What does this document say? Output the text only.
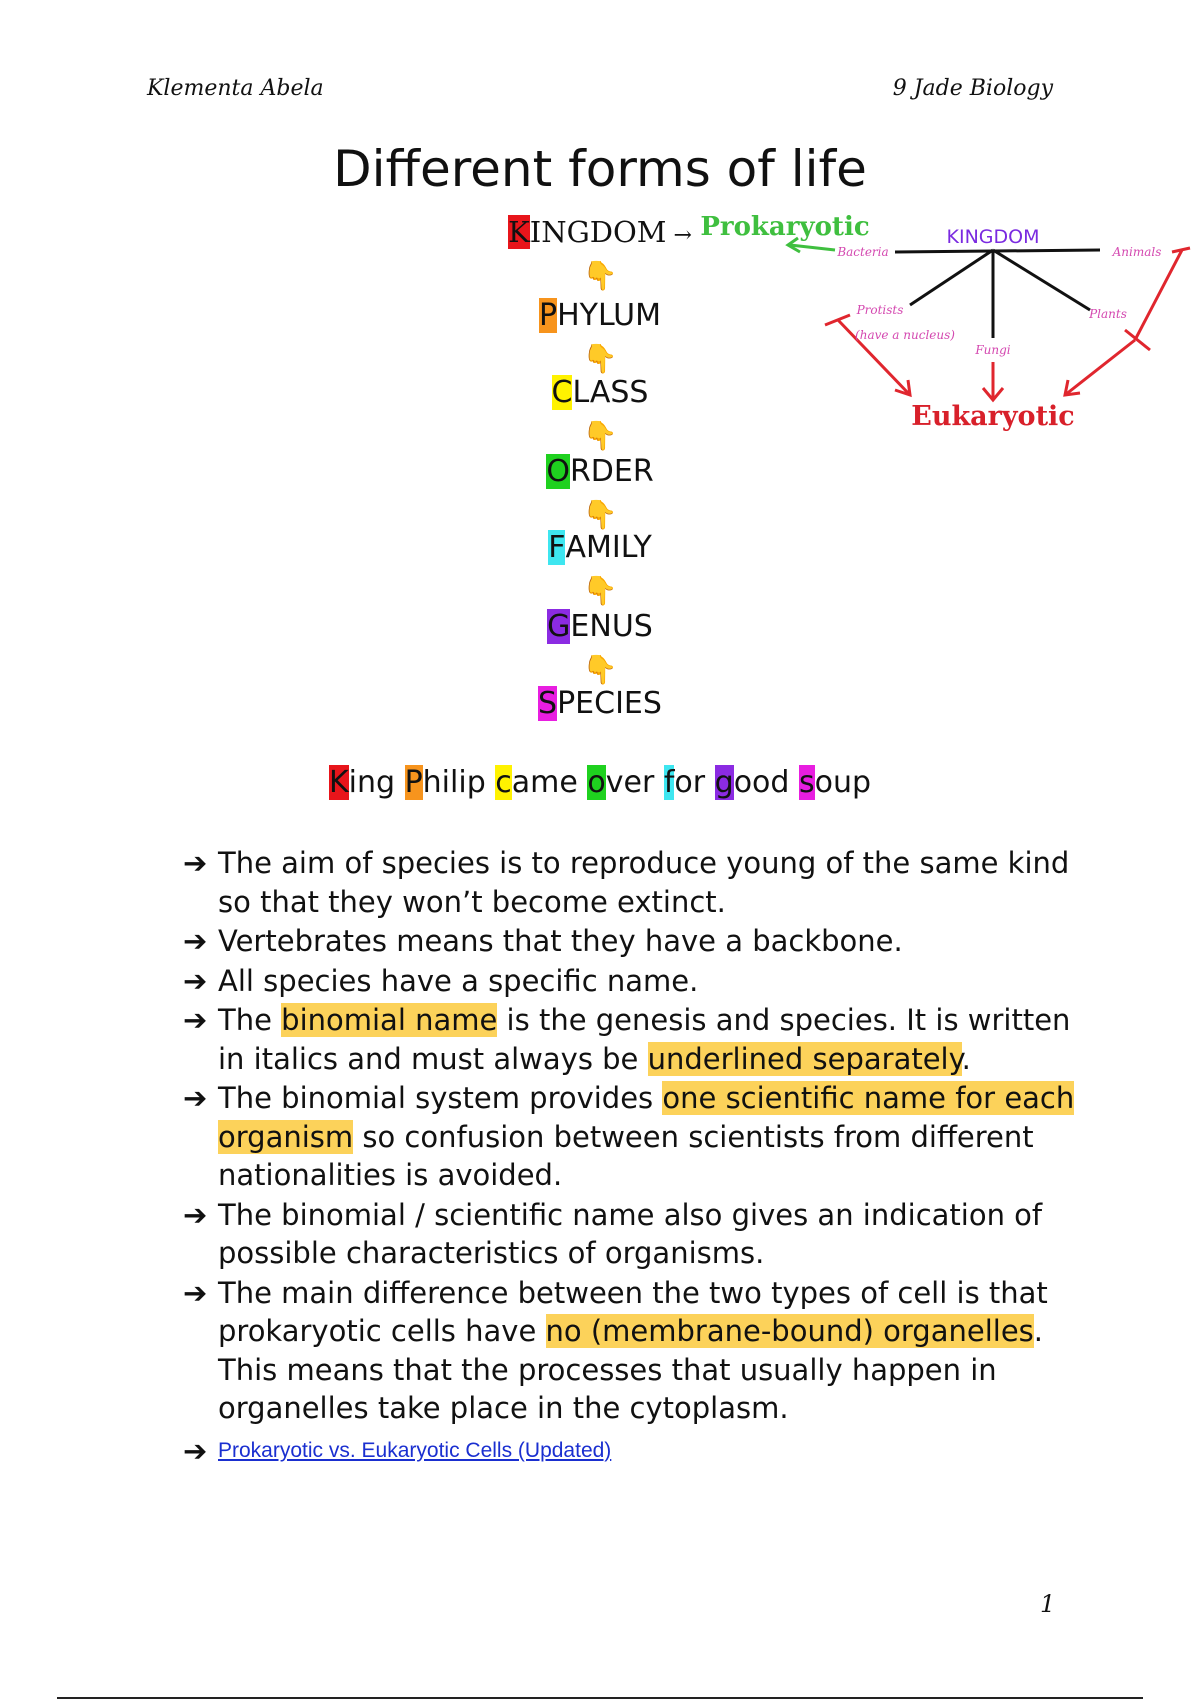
Klementa Abela	9 Jade Biology
Different forms of life
KINGDOM →
👇
PHYLUM
👇
CLASS
👇
ORDER
👇
FAMILY
👇
GENUS
👇
SPECIES
Prokaryotic	KINGDOM
Bacteria	Animals
Protists
(have a nucleus)
Fungi
Plants
Eukaryotic
King Philip came over for good soup
➔ The aim of species is to reproduce young of the same kind so that they won’t become extinct.
➔ Vertebrates means that they have a backbone.
➔ All species have a specific name.
➔ The binomial name is the genesis and species. It is written in italics and must always be underlined separately.
➔ The binomial system provides one scientific name for each organism so confusion between scientists from different nationalities is avoided.
➔ The binomial / scientific name also gives an indication of possible characteristics of organisms.
➔ The main difference between the two types of cell is that prokaryotic cells have no (membrane-bound) organelles. This means that the processes that usually happen in organelles take place in the cytoplasm.
➔ Prokaryotic vs. Eukaryotic Cells (Updated)
1
